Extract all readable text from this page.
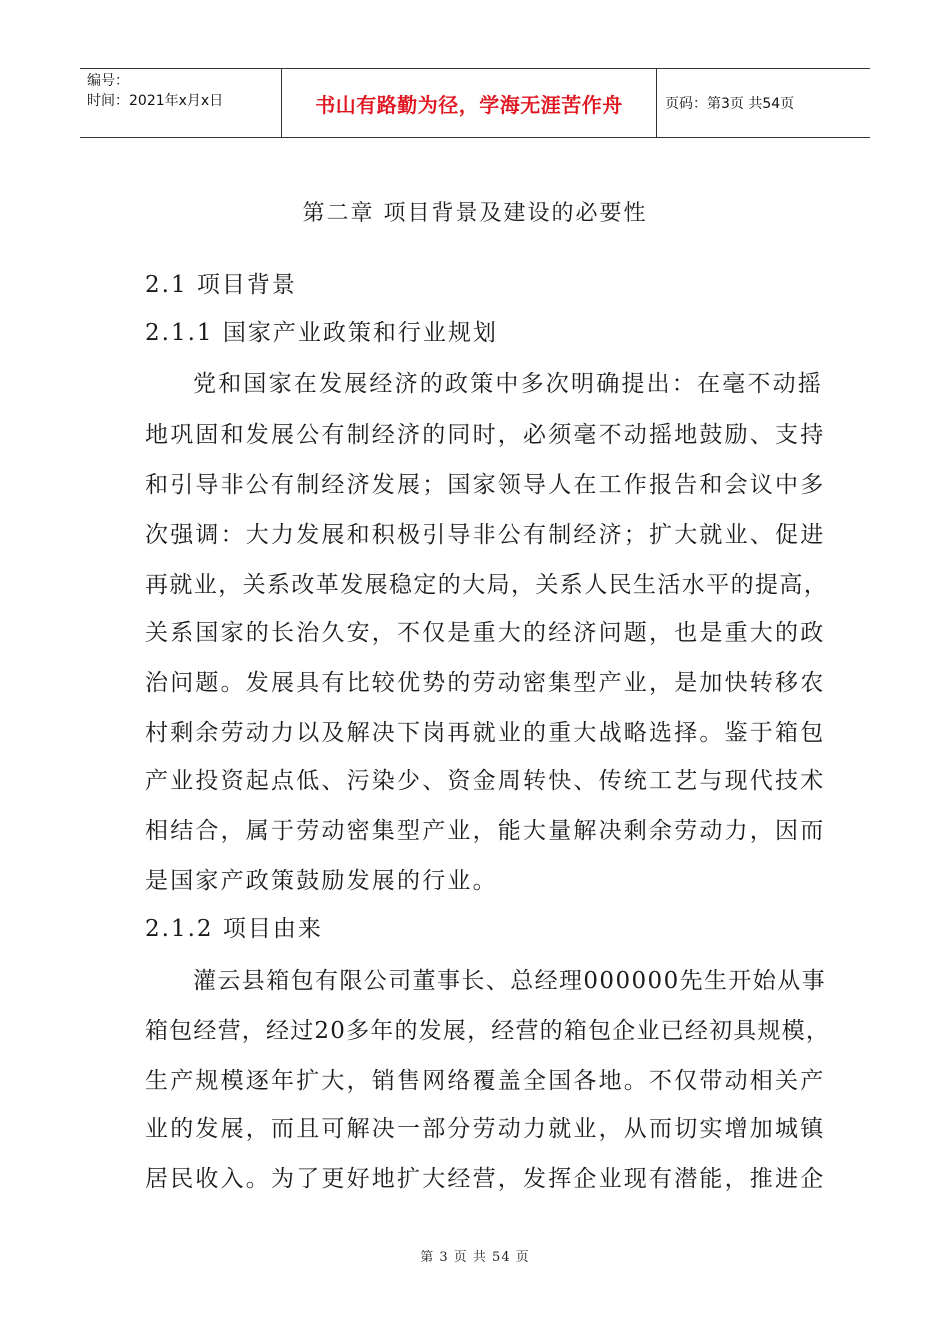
编号：
时间：2021年x月x日	书山有路勤为径，学海无涯苦作舟	页码：第3页 共54页
第二章 项目背景及建设的必要性
2.1 项目背景
2.1.1 国家产业政策和行业规划
党和国家在发展经济的政策中多次明确提出：在毫不动摇
地巩固和发展公有制经济的同时，必须毫不动摇地鼓励、支持
和引导非公有制经济发展；国家领导人在工作报告和会议中多
次强调：大力发展和积极引导非公有制经济；扩大就业、促进
再就业，关系改革发展稳定的大局，关系人民生活水平的提高，
关系国家的长治久安，不仅是重大的经济问题，也是重大的政
治问题。发展具有比较优势的劳动密集型产业，是加快转移农
村剩余劳动力以及解决下岗再就业的重大战略选择。鉴于箱包
产业投资起点低、污染少、资金周转快、传统工艺与现代技术
相结合，属于劳动密集型产业，能大量解决剩余劳动力，因而
是国家产政策鼓励发展的行业。
2.1.2 项目由来
灌云县箱包有限公司董事长、总经理000000先生开始从事
箱包经营，经过20多年的发展，经营的箱包企业已经初具规模，
生产规模逐年扩大，销售网络覆盖全国各地。不仅带动相关产
业的发展，而且可解决一部分劳动力就业，从而切实增加城镇
居民收入。为了更好地扩大经营，发挥企业现有潜能，推进企
第 3 页 共 54 页
